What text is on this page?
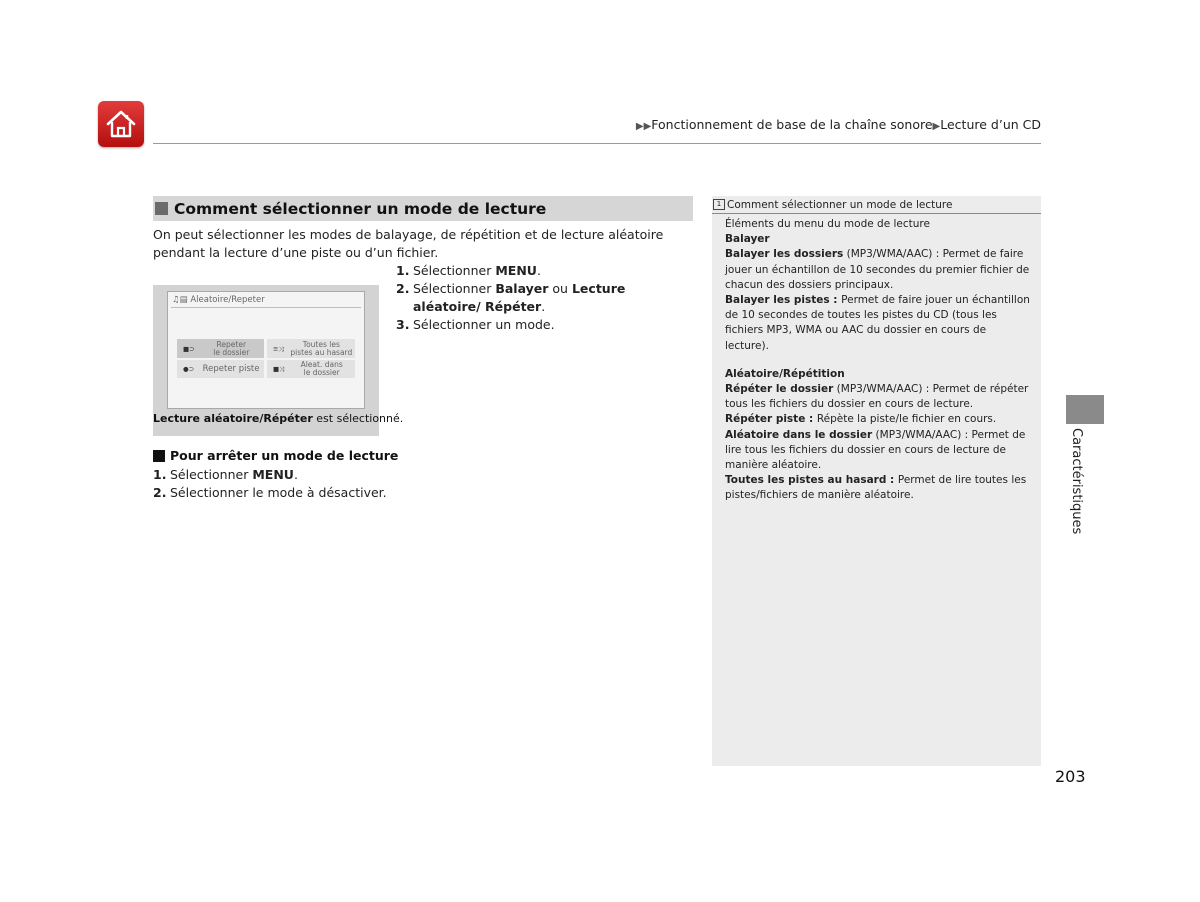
▶▶Fonctionnement de base de la chaîne sonore▶Lecture d’un CD
Comment sélectionner un mode de lecture
On peut sélectionner les modes de balayage, de répétition et de lecture aléatoire pendant la lecture d’une piste ou d’un fichier.
♫▤ Aleatoire/Repeter
■⊃	Repeter
le dossier	≡⤨	Toutes les
pistes au hasard
●⊃ Repeter piste	■⤨	Aleat. dans
le dossier
Lecture aléatoire/Répéter est sélectionné.
1. Sélectionner MENU.
2. Sélectionner Balayer ou Lecture aléatoire/ Répéter.
3. Sélectionner un mode.
Pour arrêter un mode de lecture
1. Sélectionner MENU.
2. Sélectionner le mode à désactiver.
1 Comment sélectionner un mode de lecture

Éléments du menu du mode de lecture

Balayer

Balayer les dossiers (MP3/WMA/AAC) : Permet de faire jouer un échantillon de 10 secondes du premier fichier de chacun des dossiers principaux.

Balayer les pistes : Permet de faire jouer un échantillon de 10 secondes de toutes les pistes du CD (tous les fichiers MP3, WMA ou AAC du dossier en cours de lecture).

Aléatoire/Répétition

Répéter le dossier (MP3/WMA/AAC) : Permet de répéter tous les fichiers du dossier en cours de lecture.

Répéter piste : Répète la piste/le fichier en cours.

Aléatoire dans le dossier (MP3/WMA/AAC) : Permet de lire tous les fichiers du dossier en cours de lecture de manière aléatoire.

Toutes les pistes au hasard : Permet de lire toutes les pistes/fichiers de manière aléatoire.	Caractéristiques
203
